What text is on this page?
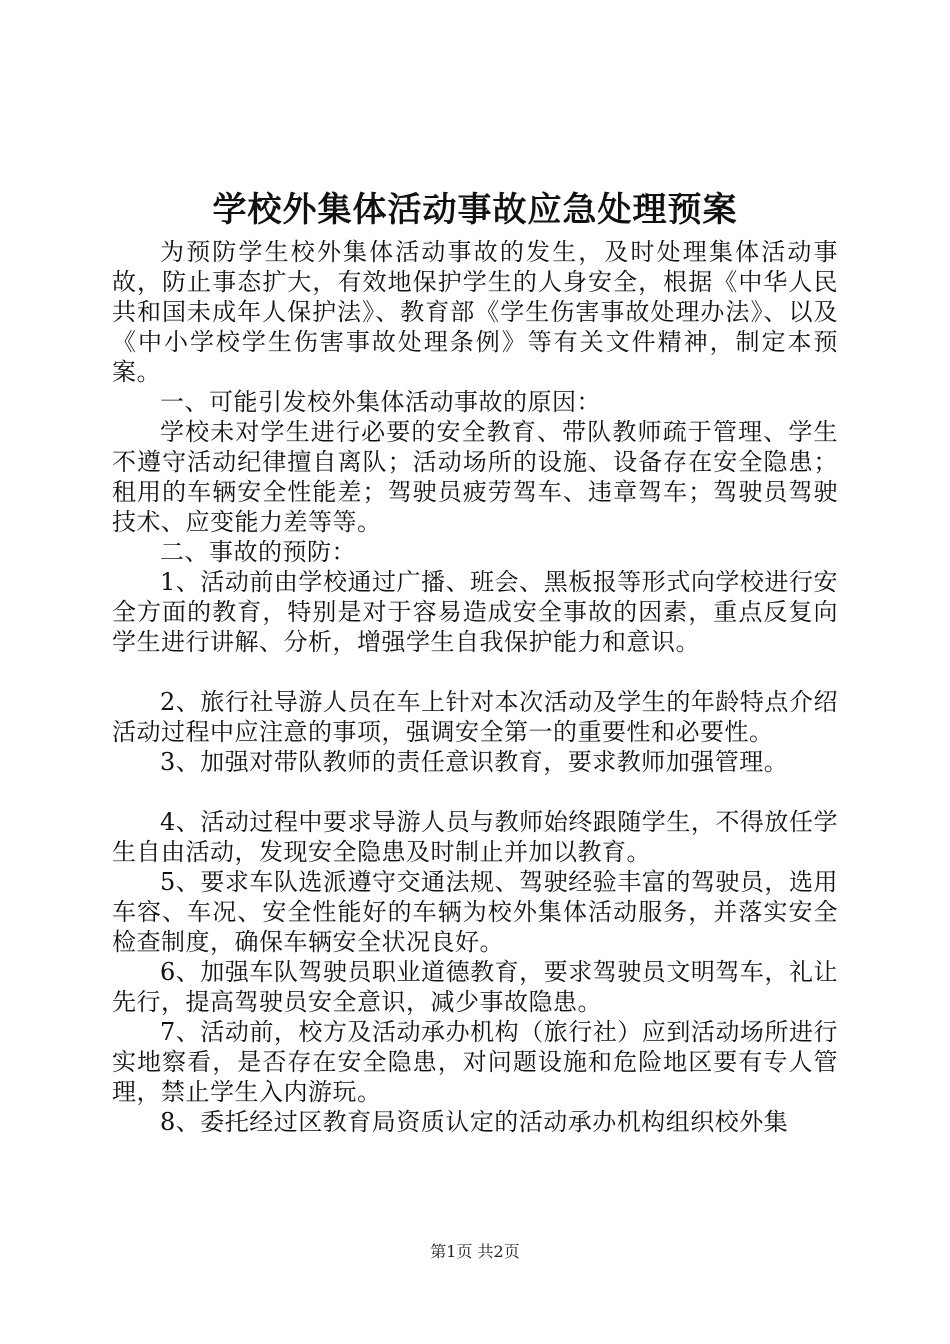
学校外集体活动事故应急处理预案

为预防学生校外集体活动事故的发生，及时处理集体活动事故，防止事态扩大，有效地保护学生的人身安全，根据《中华人民共和国未成年人保护法》、教育部《学生伤害事故处理办法》、以及《中小学校学生伤害事故处理条例》等有关文件精神，制定本预案。

一、可能引发校外集体活动事故的原因：

学校未对学生进行必要的安全教育、带队教师疏于管理、学生不遵守活动纪律擅自离队；活动场所的设施、设备存在安全隐患；租用的车辆安全性能差；驾驶员疲劳驾车、违章驾车；驾驶员驾驶技术、应变能力差等等。

二、事故的预防：

1、活动前由学校通过广播、班会、黑板报等形式向学校进行安全方面的教育，特别是对于容易造成安全事故的因素，重点反复向学生进行讲解、分析，增强学生自我保护能力和意识。

2、旅行社导游人员在车上针对本次活动及学生的年龄特点介绍活动过程中应注意的事项，强调安全第一的重要性和必要性。

3、加强对带队教师的责任意识教育，要求教师加强管理。

4、活动过程中要求导游人员与教师始终跟随学生，不得放任学生自由活动，发现安全隐患及时制止并加以教育。

5、要求车队选派遵守交通法规、驾驶经验丰富的驾驶员，选用车容、车况、安全性能好的车辆为校外集体活动服务，并落实安全检查制度，确保车辆安全状况良好。

6、加强车队驾驶员职业道德教育，要求驾驶员文明驾车，礼让先行，提高驾驶员安全意识，减少事故隐患。

7、活动前，校方及活动承办机构（旅行社）应到活动场所进行实地察看，是否存在安全隐患，对问题设施和危险地区要有专人管理，禁止学生入内游玩。

8、委托经过区教育局资质认定的活动承办机构组织校外集

第1页 共2页
